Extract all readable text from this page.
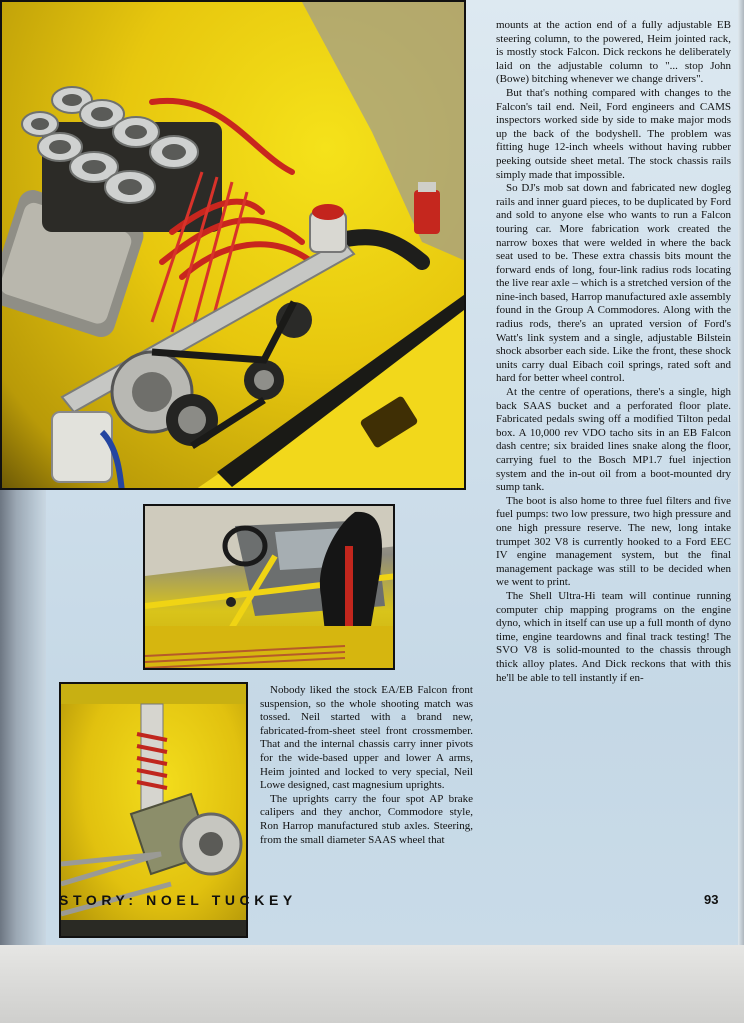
mounts at the action end of a fully adjustable EB steering column, to the powered, Heim jointed rack, is mostly stock Falcon. Dick reckons he deliberately laid on the adjustable column to "... stop John (Bowe) bitching whenever we change drivers".

But that's nothing compared with changes to the Falcon's tail end. Neil, Ford engineers and CAMS inspectors worked side by side to make major mods up the back of the bodyshell. The problem was fitting huge 12-inch wheels without having rubber peeking outside sheet metal. The stock chassis rails simply made that impossible.

So DJ's mob sat down and fabricated new dogleg rails and inner guard pieces, to be duplicated by Ford and sold to anyone else who wants to run a Falcon touring car. More fabrication work created the narrow boxes that were welded in where the back seat used to be. These extra chassis bits mount the forward ends of long, four-link radius rods locating the live rear axle – which is a stretched version of the nine-inch based, Harrop manufactured axle assembly found in the Group A Commodores. Along with the radius rods, there's an uprated version of Ford's Watt's link system and a single, adjustable Bilstein shock absorber each side. Like the front, these shock units carry dual Eibach coil springs, rated soft and hard for better wheel control.

At the centre of operations, there's a single, high back SAAS bucket and a perforated floor plate. Fabricated pedals swing off a modified Tilton pedal box. A 10,000 rev VDO tacho sits in an EB Falcon dash centre; six braided lines snake along the floor, carrying fuel to the Bosch MP1.7 fuel injection system and the in-out oil from a boot-mounted dry sump tank.

The boot is also home to three fuel filters and five fuel pumps: two low pressure, two high pressure and one high pressure reserve. The new, long intake trumpet 302 V8 is currently hooked to a Ford EEC IV engine management system, but the final management package was still to be decided when we went to print.

The Shell Ultra-Hi team will continue running computer chip mapping programs on the engine dyno, which in itself can use up a full month of dyno time, engine teardowns and final track testing! The SVO V8 is solid-mounted to the chassis through thick alloy plates. And Dick reckons that with this he'll be able to tell instantly if en-

Nobody liked the stock EA/EB Falcon front suspension, so the whole shooting match was tossed. Neil started with a brand new, fabricated-from-sheet steel front crossmember. That and the internal chassis carry inner pivots for the wide-based upper and lower A arms, Heim jointed and locked to very special, Neil Lowe designed, cast magnesium uprights.

The uprights carry the four spot AP brake calipers and they anchor, Commodore style, Ron Harrop manufactured stub axles. Steering, from the small diameter SAAS wheel that

STORY: NOEL TUCKEY	93
